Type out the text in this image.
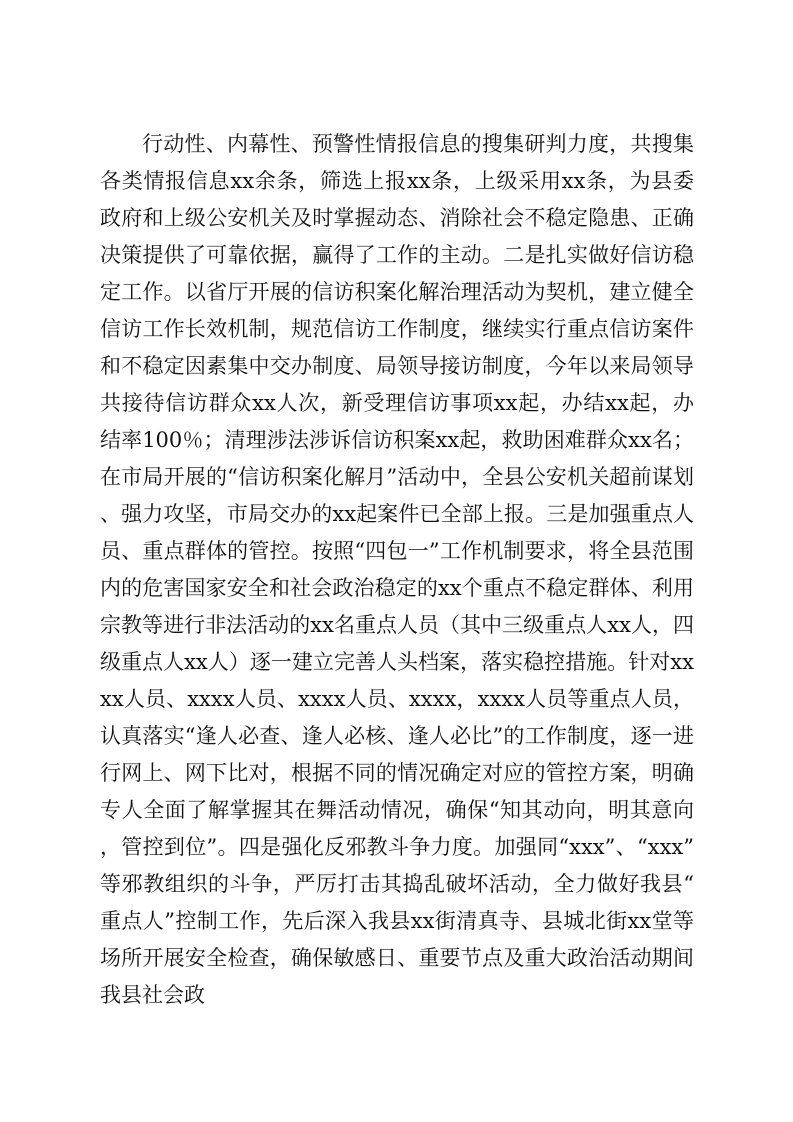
行动性、内幕性、预警性情报信息的搜集研判力度，共搜集各类情报信息xx余条，筛选上报xx条，上级采用xx条，为县委政府和上级公安机关及时掌握动态、消除社会不稳定隐患、正确决策提供了可靠依据，赢得了工作的主动。二是扎实做好信访稳定工作。以省厅开展的信访积案化解治理活动为契机，建立健全信访工作长效机制，规范信访工作制度，继续实行重点信访案件和不稳定因素集中交办制度、局领导接访制度，今年以来局领导共接待信访群众xx人次，新受理信访事项xx起，办结xx起，办结率100％；清理涉法涉诉信访积案xx起，救助困难群众xx名；在市局开展的“信访积案化解月”活动中，全县公安机关超前谋划、强力攻坚，市局交办的xx起案件已全部上报。三是加强重点人员、重点群体的管控。按照“四包一”工作机制要求，将全县范围内的危害国家安全和社会政治稳定的xx个重点不稳定群体、利用宗教等进行非法活动的xx名重点人员（其中三级重点人xx人，四级重点人xx人）逐一建立完善人头档案，落实稳控措施。针对xxxx人员、xxxx人员、xxxx人员、xxxx，xxxx人员等重点人员，认真落实“逢人必查、逢人必核、逢人必比”的工作制度，逐一进行网上、网下比对，根据不同的情况确定对应的管控方案，明确专人全面了解掌握其在舞活动情况，确保“知其动向，明其意向，管控到位”。四是强化反邪教斗争力度。加强同“xxx”、“xxx”等邪教组织的斗争，严厉打击其捣乱破坏活动，全力做好我县“重点人”控制工作，先后深入我县xx街清真寺、县城北街xx堂等场所开展安全检查，确保敏感日、重要节点及重大政治活动期间我县社会政
